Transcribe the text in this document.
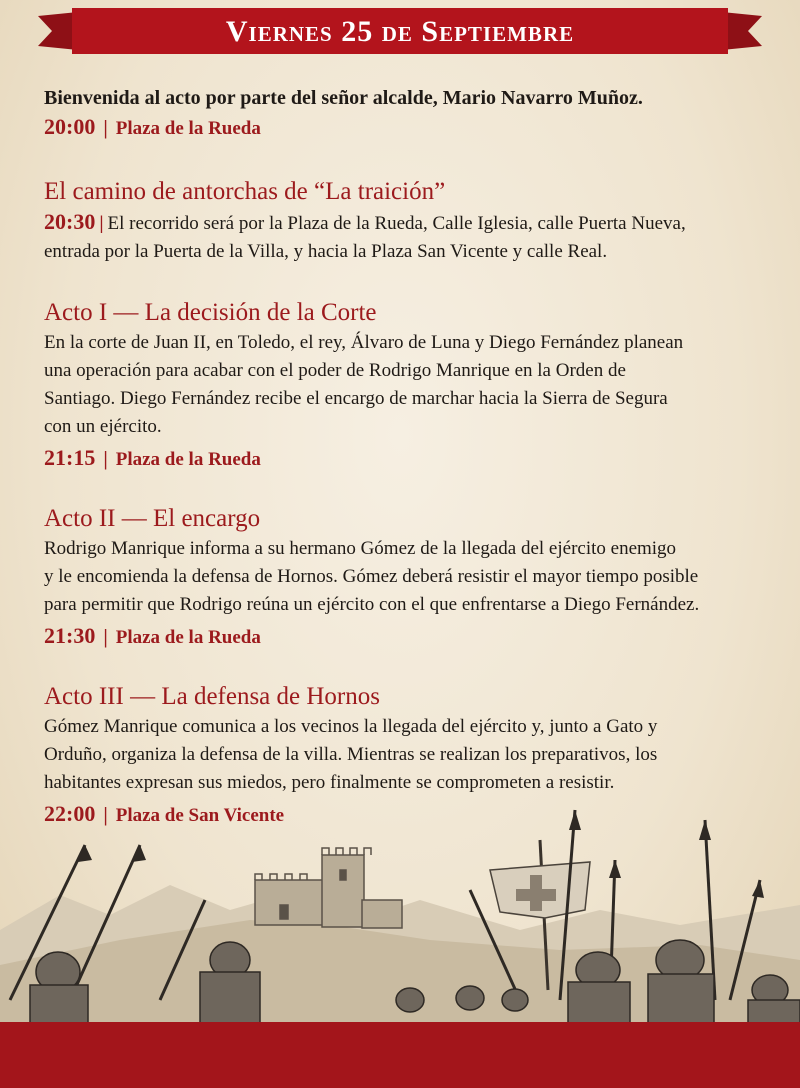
Viernes 25 de Septiembre
Bienvenida al acto por parte del señor alcalde, Mario Navarro Muñoz.
20:00 | Plaza de la Rueda
El camino de antorchas de “La traición”
20:30 | El recorrido será por la Plaza de la Rueda, Calle Iglesia, calle Puerta Nueva,
entrada por la Puerta de la Villa, y hacia la Plaza San Vicente y calle Real.
Acto I — La decisión de la Corte
En la corte de Juan II, en Toledo, el rey, Álvaro de Luna y Diego Fernández planean
una operación para acabar con el poder de Rodrigo Manrique en la Orden de
Santiago. Diego Fernández recibe el encargo de marchar hacia la Sierra de Segura
con un ejército.
21:15 | Plaza de la Rueda
Acto II — El encargo
Rodrigo Manrique informa a su hermano Gómez de la llegada del ejército enemigo
y le encomienda la defensa de Hornos. Gómez deberá resistir el mayor tiempo posible
para permitir que Rodrigo reúna un ejército con el que enfrentarse a Diego Fernández.
21:30 | Plaza de la Rueda
Acto III — La defensa de Hornos
Gómez Manrique comunica a los vecinos la llegada del ejército y, junto a Gato y
Orduño, organiza la defensa de la villa. Mientras se realizan los preparativos, los
habitantes expresan sus miedos, pero finalmente se comprometen a resistir.
22:00 | Plaza de San Vicente
